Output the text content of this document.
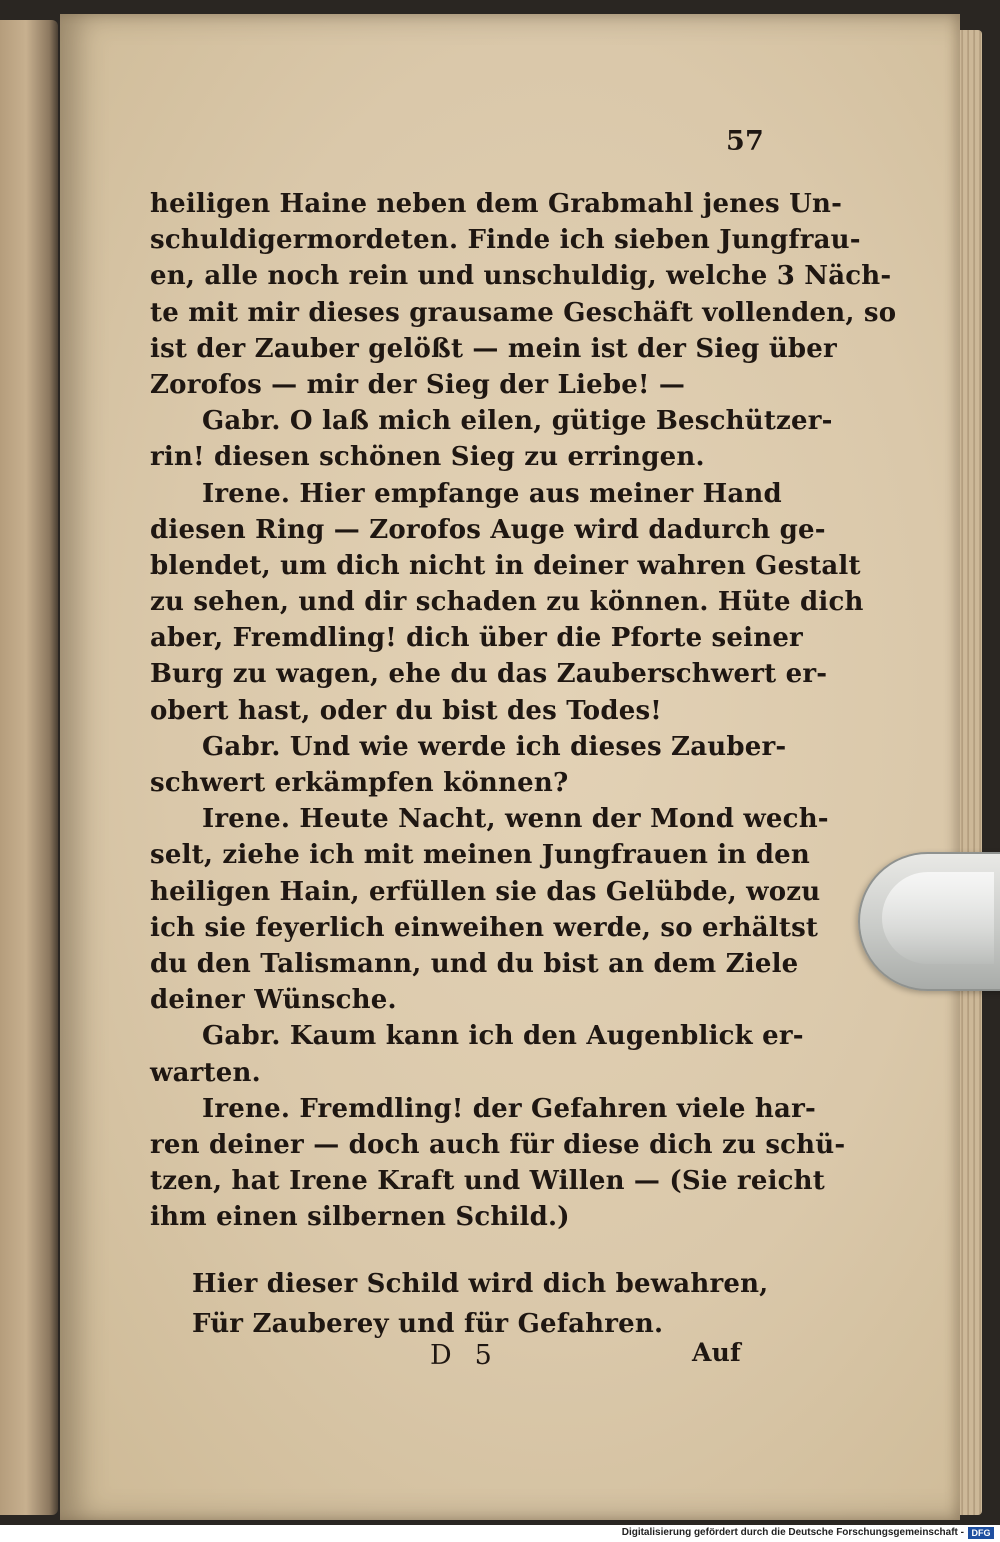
57
heiligen Haine neben dem Grabmahl jenes Un-
schuldigermordeten. Finde ich sieben Jungfrau-
en, alle noch rein und unschuldig, welche 3 Näch-
te mit mir dieses grausame Geschäft vollenden, so
ist der Zauber gelößt — mein ist der Sieg über
Zorofos — mir der Sieg der Liebe! —
Gabr. O laß mich eilen, gütige Beschützer-
rin! diesen schönen Sieg zu erringen.
Irene. Hier empfange aus meiner Hand
diesen Ring — Zorofos Auge wird dadurch ge-
blendet, um dich nicht in deiner wahren Gestalt
zu sehen, und dir schaden zu können. Hüte dich
aber, Fremdling! dich über die Pforte seiner
Burg zu wagen, ehe du das Zauberschwert er-
obert hast, oder du bist des Todes!
Gabr. Und wie werde ich dieses Zauber-
schwert erkämpfen können?
Irene. Heute Nacht, wenn der Mond wech-
selt, ziehe ich mit meinen Jungfrauen in den
heiligen Hain, erfüllen sie das Gelübde, wozu
ich sie feyerlich einweihen werde, so erhältst
du den Talismann, und du bist an dem Ziele
deiner Wünsche.
Gabr. Kaum kann ich den Augenblick er-
warten.
Irene. Fremdling! der Gefahren viele har-
ren deiner — doch auch für diese dich zu schü-
tzen, hat Irene Kraft und Willen — (Sie reicht
ihm einen silbernen Schild.)
Hier dieser Schild wird dich bewahren,
Für Zauberey und für Gefahren.
D 5	Auf
Digitalisierung gefördert durch die Deutsche Forschungsgemeinschaft - DFG
